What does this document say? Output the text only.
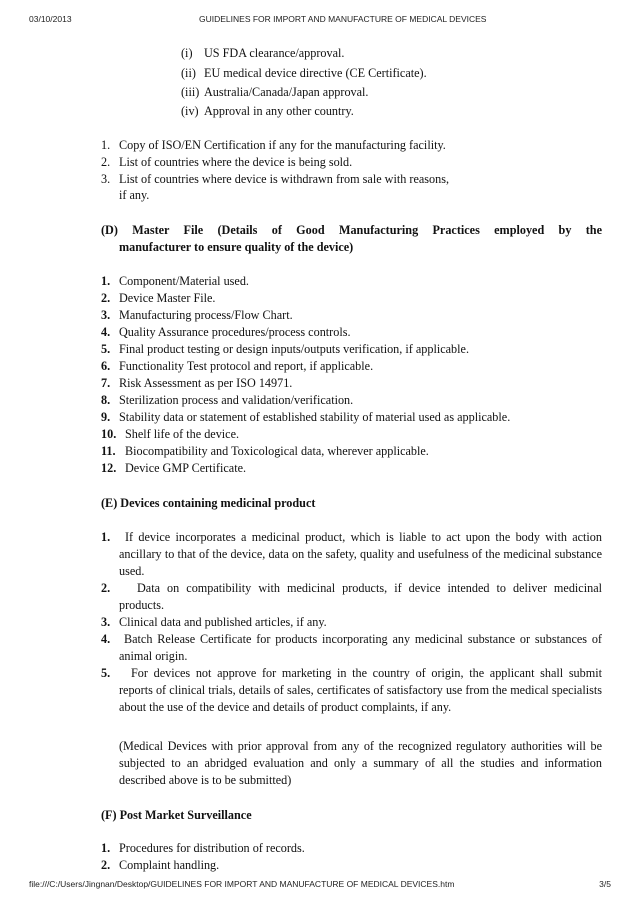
03/10/2013	GUIDELINES FOR IMPORT AND MANUFACTURE OF MEDICAL DEVICES
(i) US FDA clearance/approval.
(ii) EU medical device directive (CE Certificate).
(iii) Australia/Canada/Japan approval.
(iv) Approval in any other country.
1. Copy of ISO/EN Certification if any for the manufacturing facility.
2. List of countries where the device is being sold.
3. List of countries where device is withdrawn from sale with reasons,
if any.
(D) Master File (Details of Good Manufacturing Practices employed by the
manufacturer to ensure quality of the device)
1. Component/Material used.
2. Device Master File.
3. Manufacturing process/Flow Chart.
4. Quality Assurance procedures/process controls.
5. Final product testing or design inputs/outputs verification, if applicable.
6. Functionality Test protocol and report, if applicable.
7. Risk Assessment as per ISO 14971.
8. Sterilization process and validation/verification.
9. Stability data or statement of established stability of material used as applicable.
10. Shelf life of the device.
11. Biocompatibility and Toxicological data, wherever applicable.
12. Device GMP Certificate.
(E) Devices containing medicinal product
1.	If device incorporates a medicinal product, which is liable to act upon the body with action ancillary to that of the device, data on the safety, quality and usefulness of the medicinal substance used.
2.	Data on compatibility with medicinal products, if device intended to deliver medicinal products.
3. Clinical data and published articles, if any.
4.	Batch Release Certificate for products incorporating any medicinal substance or substances of animal origin.
5.	For devices not approve for marketing in the country of origin, the applicant shall submit reports of clinical trials, details of sales, certificates of satisfactory use from the medical specialists about the use of the device and details of product complaints, if any.
(Medical Devices with prior approval from any of the recognized regulatory authorities will be subjected to an abridged evaluation and only a summary of all the studies and information described above is to be submitted)
(F) Post Market Surveillance
1. Procedures for distribution of records.
2. Complaint handling.
file:///C:/Users/Jingnan/Desktop/GUIDELINES FOR IMPORT AND MANUFACTURE OF MEDICAL DEVICES.htm	3/5
